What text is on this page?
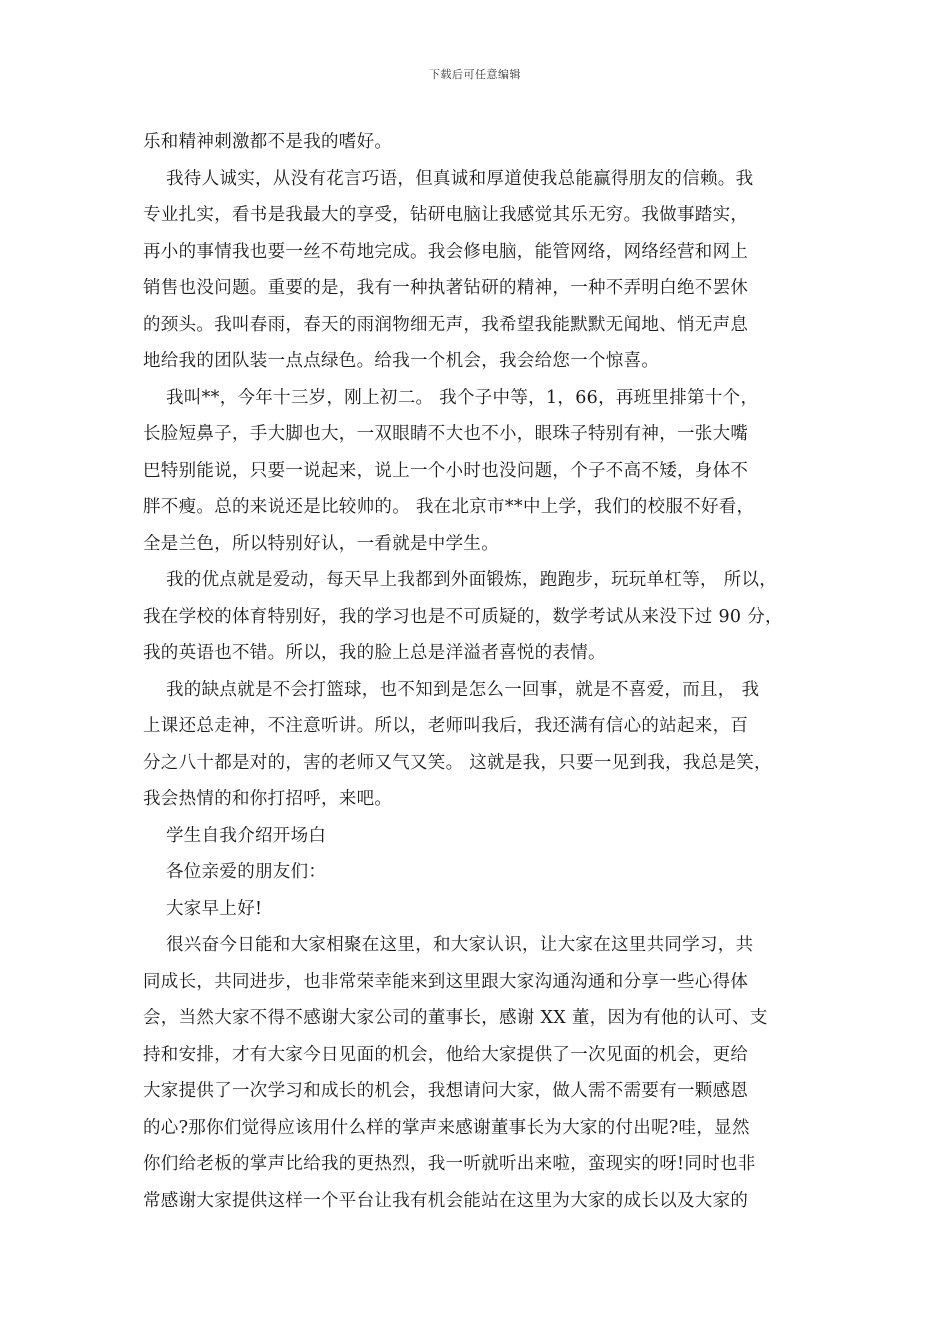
下载后可任意编辑
乐和精神刺激都不是我的嗜好。
我待人诚实，从没有花言巧语，但真诚和厚道使我总能赢得朋友的信赖。我
专业扎实，看书是我最大的享受，钻研电脑让我感觉其乐无穷。我做事踏实，
再小的事情我也要一丝不苟地完成。我会修电脑，能管网络，网络经营和网上
销售也没问题。重要的是，我有一种执著钻研的精神，一种不弄明白绝不罢休
的颈头。我叫春雨，春天的雨润物细无声，我希望我能默默无闻地、悄无声息
地给我的团队装一点点绿色。给我一个机会，我会给您一个惊喜。
我叫**，今年十三岁，刚上初二。 我个子中等，1，66，再班里排第十个，
长脸短鼻子，手大脚也大，一双眼睛不大也不小，眼珠子特别有神，一张大嘴
巴特别能说，只要一说起来，说上一个小时也没问题，个子不高不矮，身体不
胖不瘦。总的来说还是比较帅的。 我在北京市**中上学，我们的校服不好看，
全是兰色，所以特别好认，一看就是中学生。
我的优点就是爱动，每天早上我都到外面锻炼，跑跑步，玩玩单杠等， 所以，
我在学校的体育特别好，我的学习也是不可质疑的，数学考试从来没下过 90 分，
我的英语也不错。所以，我的脸上总是洋溢者喜悦的表情。
我的缺点就是不会打篮球，也不知到是怎么一回事，就是不喜爱，而且， 我
上课还总走神，不注意听讲。所以，老师叫我后，我还满有信心的站起来，百
分之八十都是对的，害的老师又气又笑。 这就是我，只要一见到我，我总是笑，
我会热情的和你打招呼，来吧。
学生自我介绍开场白
各位亲爱的朋友们：
大家早上好!
很兴奋今日能和大家相聚在这里，和大家认识，让大家在这里共同学习，共
同成长，共同进步，也非常荣幸能来到这里跟大家沟通沟通和分享一些心得体
会，当然大家不得不感谢大家公司的董事长，感谢 XX 董，因为有他的认可、支
持和安排，才有大家今日见面的机会，他给大家提供了一次见面的机会，更给
大家提供了一次学习和成长的机会，我想请问大家，做人需不需要有一颗感恩
的心?那你们觉得应该用什么样的掌声来感谢董事长为大家的付出呢?哇，显然
你们给老板的掌声比给我的更热烈，我一听就听出来啦，蛮现实的呀!同时也非
常感谢大家提供这样一个平台让我有机会能站在这里为大家的成长以及大家的
